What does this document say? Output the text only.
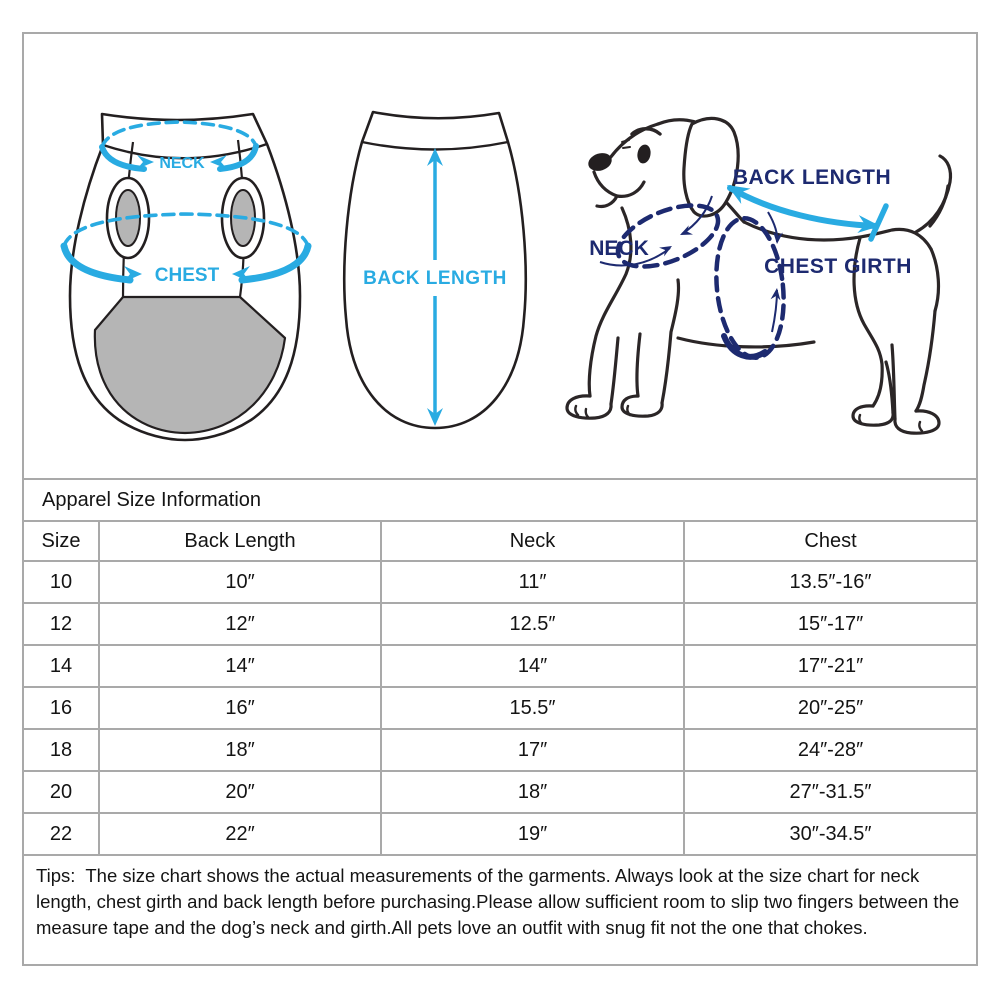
NECK
CHEST	BACK LENGTH
NECK
BACK LENGTH
CHEST GIRTH
Apparel Size Information
Size	Back Length	Neck	Chest
10	10″	11″	13.5″-16″
12	12″	12.5″	15″-17″
14	14″	14″	17″-21″
16	16″	15.5″	20″-25″
18	18″	17″	24″-28″
20	20″	18″	27″-31.5″
22	22″	19″	30″-34.5″
Tips: The size chart shows the actual measurements of the garments. Always look at the size chart for neck length, chest girth and back length before purchasing.Please allow sufficient room to slip two fingers between the measure tape and the dog’s neck and girth.All pets love an outfit with snug fit not the one that chokes.
